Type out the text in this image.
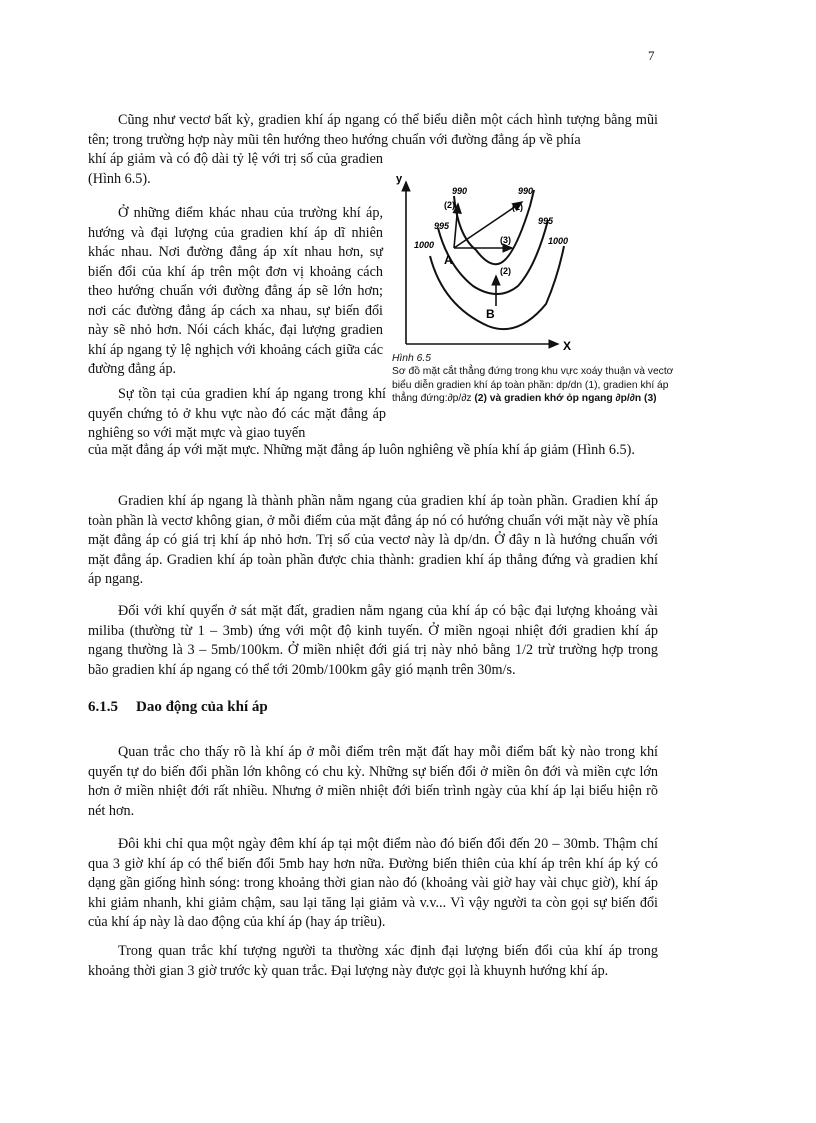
7

Cũng như vectơ bất kỳ, gradien khí áp ngang có thể biểu diễn một cách hình tượng bằng mũi tên; trong trường hợp này mũi tên hướng theo hướng chuẩn với đường đẳng áp về phía

khí áp giảm và có độ dài tỷ lệ với trị số của gradien (Hình 6.5).

Ở những điểm khác nhau của trường khí áp, hướng và đại lượng của gradien khí áp dĩ nhiên khác nhau. Nơi đường đẳng áp xít nhau hơn, sự biến đổi của khí áp trên một đơn vị khoảng cách theo hướng chuẩn với đường đẳng áp sẽ lớn hơn; nơi các đường đẳng áp cách xa nhau, sự biến đổi này sẽ nhỏ hơn. Nói cách khác, đại lượng gradien khí áp ngang tỷ lệ nghịch với khoảng cách giữa các đường đẳng áp.

Sự tồn tại của gradien khí áp ngang trong khí quyển chứng tỏ ở khu vực nào đó các mặt đẳng áp nghiêng so với mặt mực và giao tuyến

của mặt đẳng áp với mặt mực. Những mặt đẳng áp luôn nghiêng về phía khí áp giảm (Hình 6.5).

Gradien khí áp ngang là thành phần nằm ngang của gradien khí áp toàn phần. Gradien khí áp toàn phần là vectơ không gian, ở mỗi điểm của mặt đẳng áp nó có hướng chuẩn với mặt này về phía mặt đẳng áp có giá trị khí áp nhỏ hơn. Trị số của vectơ này là dp/dn. Ở đây n là hướng chuẩn với mặt đẳng áp. Gradien khí áp toàn phần được chia thành: gradien khí áp thẳng đứng và gradien khí áp ngang.

Đối với khí quyển ở sát mặt đất, gradien nằm ngang của khí áp có bậc đại lượng khoảng vài miliba (thường từ 1 – 3mb) ứng với một độ kinh tuyến. Ở miền ngoại nhiệt đới gradien khí áp ngang thường là 3 – 5mb/100km. Ở miền nhiệt đới giá trị này nhỏ bằng 1/2 trừ trường hợp trong bão gradien khí áp ngang có thể tới 20mb/100km gây gió mạnh trên 30m/s.

6.1.5 Dao động của khí áp

Quan trắc cho thấy rõ là khí áp ở mỗi điểm trên mặt đất hay mỗi điểm bất kỳ nào trong khí quyển tự do biến đổi phần lớn không có chu kỳ. Những sự biến đổi ở miền ôn đới và miền cực lớn hơn ở miền nhiệt đới rất nhiều. Nhưng ở miền nhiệt đới biến trình ngày của khí áp lại biểu hiện rõ nét hơn.

Đôi khi chỉ qua một ngày đêm khí áp tại một điểm nào đó biến đổi đến 20 – 30mb. Thậm chí qua 3 giờ khí áp có thể biến đổi 5mb hay hơn nữa. Đường biến thiên của khí áp trên khí áp ký có dạng gần giống hình sóng: trong khoảng thời gian nào đó (khoảng vài giờ hay vài chục giờ), khí áp khi giảm nhanh, khi giảm chậm, sau lại tăng lại giảm và v.v... Vì vậy người ta còn gọi sự biến đổi của khí áp này là dao động của khí áp (hay áp triều).

Trong quan trắc khí tượng người ta thường xác định đại lượng biến đổi của khí áp trong khoảng thời gian 3 giờ trước kỳ quan trắc. Đại lượng này được gọi là khuynh hướng khí áp.

y
X
990	990
995	995
1000	1000
(2)	(1)
(3)
(2)
A
B
Hình 6.5
Sơ đồ mặt cắt thẳng đứng trong khu vực xoáy thuận và vectơ biểu diễn gradien khí áp toàn phần: dp/dn (1), gradien khí áp thẳng đứng:∂p/∂z (2) và gradien khớ ỏp ngang ∂p/∂n (3)
